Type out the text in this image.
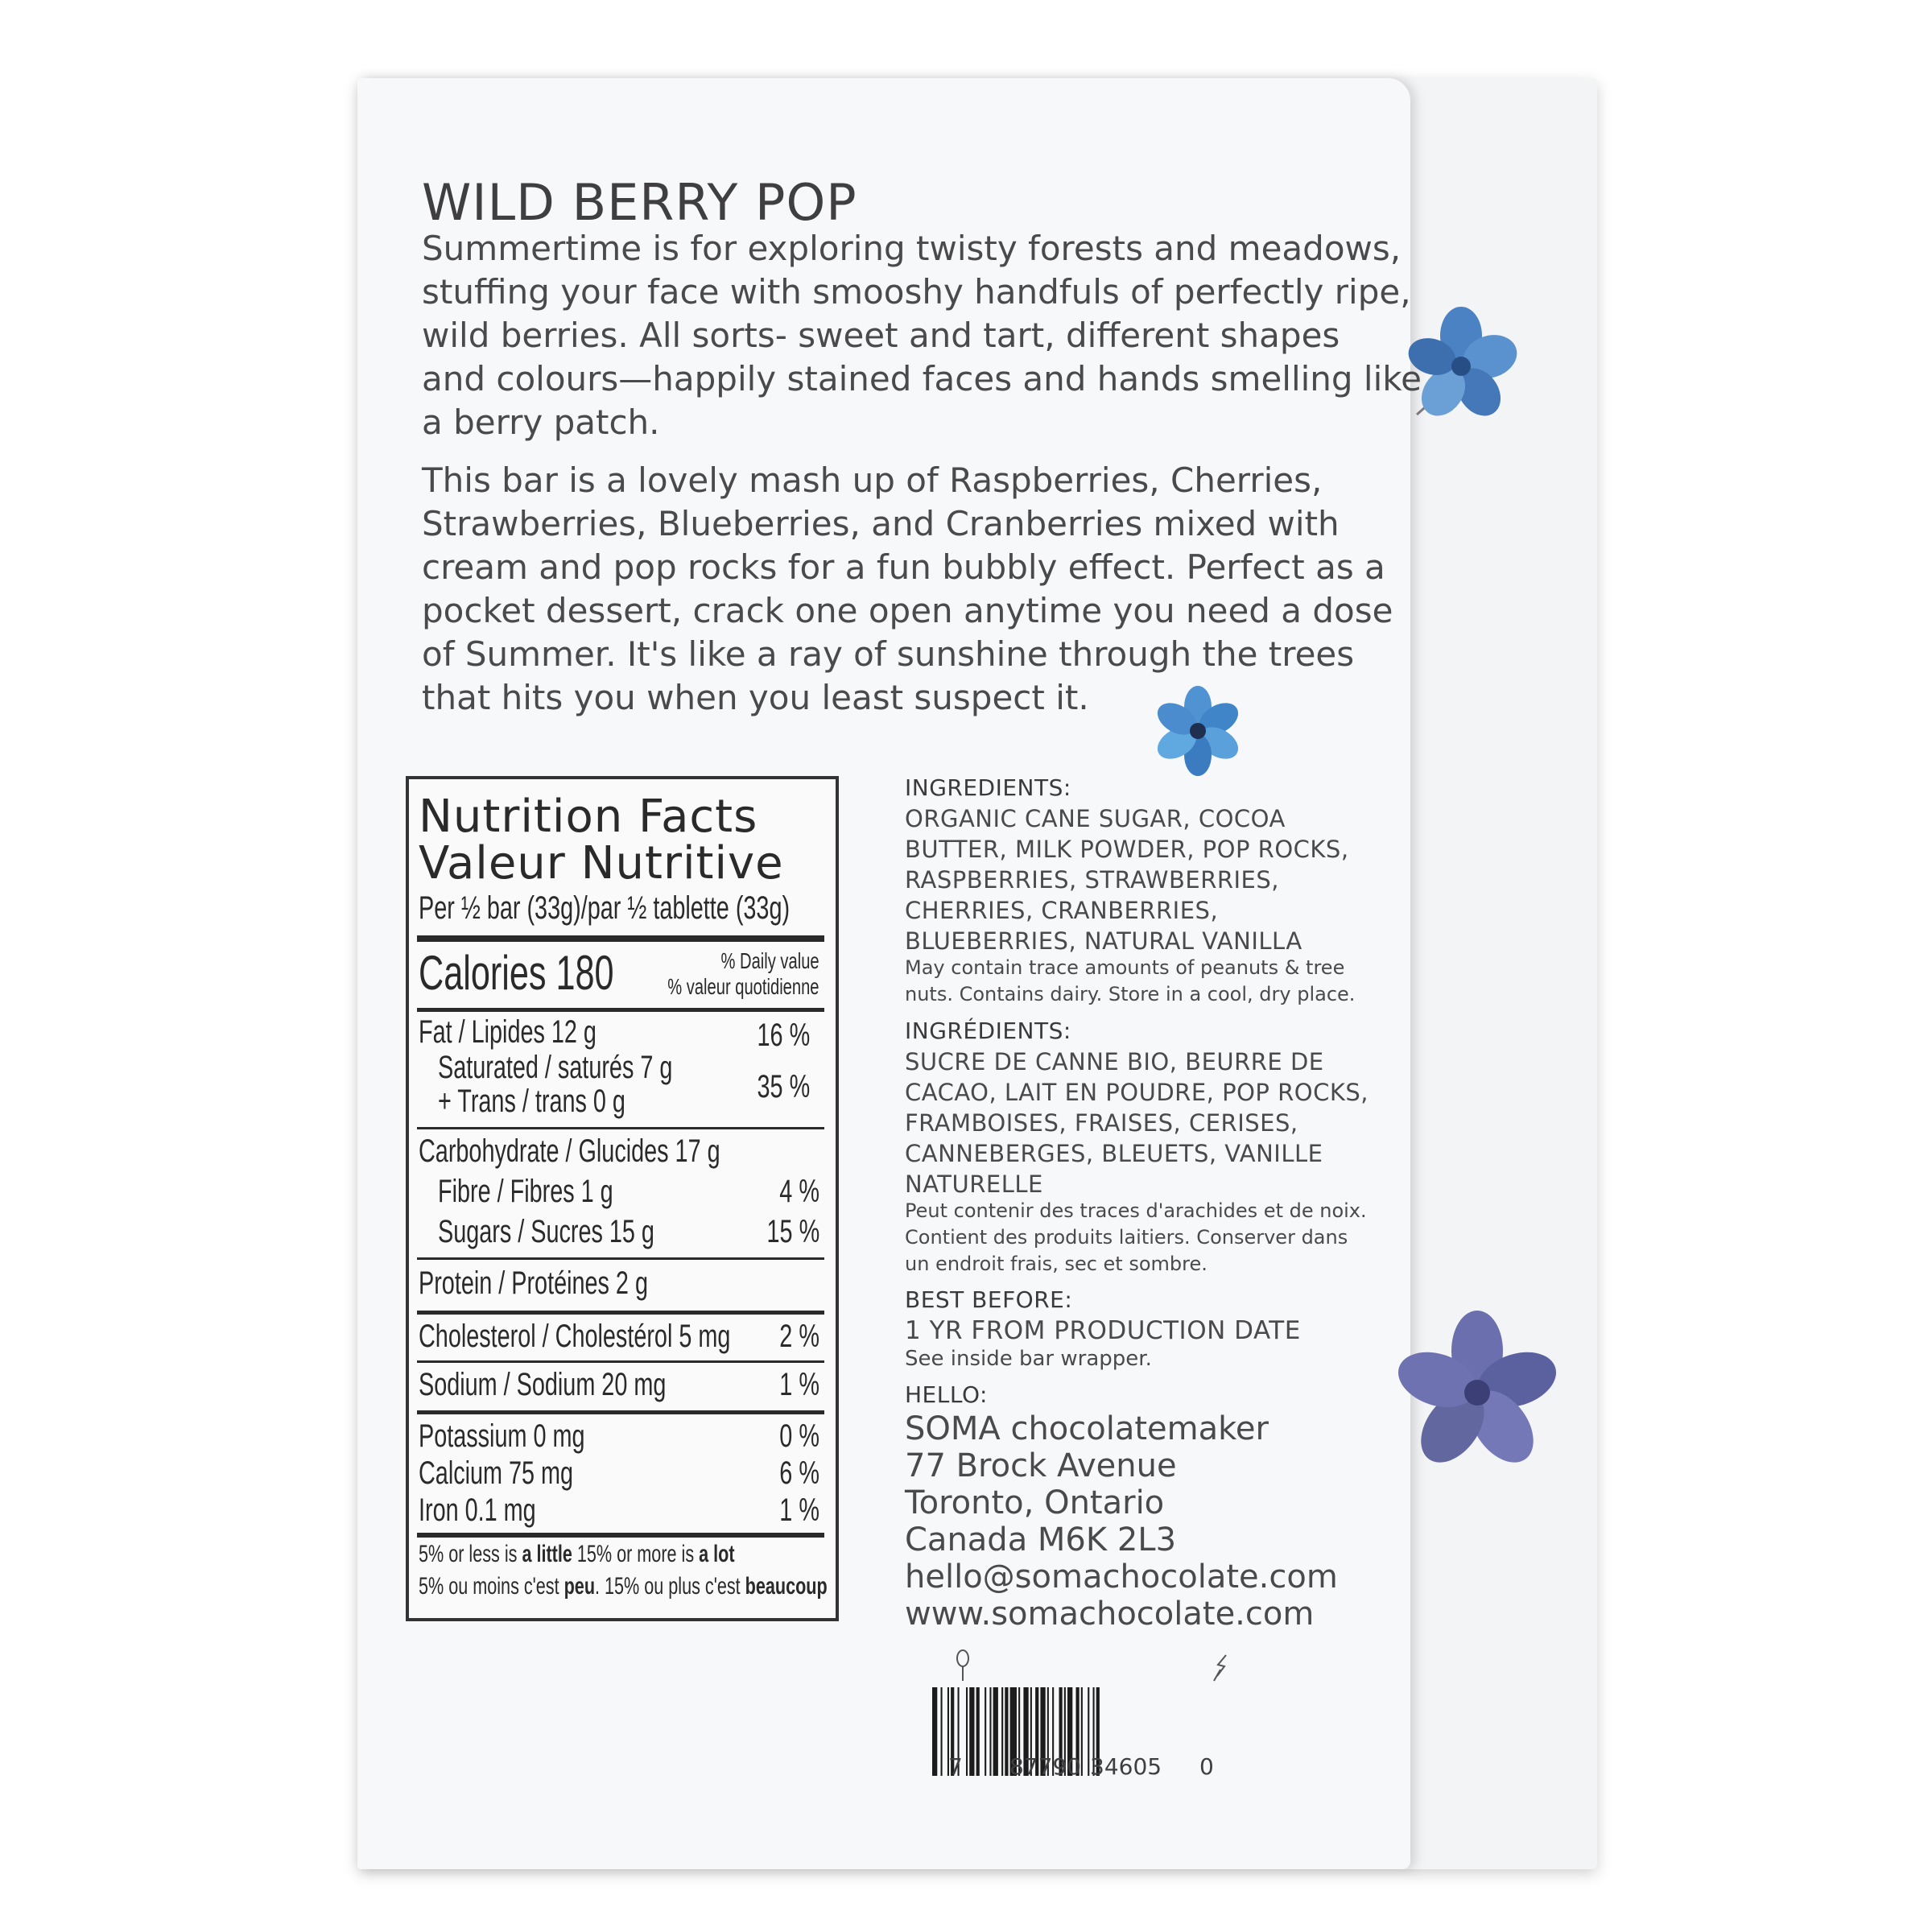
WILD BERRY POP
Summertime is for exploring twisty forests and meadows,
stuffing your face with smooshy handfuls of perfectly ripe,
wild berries. All sorts- sweet and tart, different shapes
and colours—happily stained faces and hands smelling like
a berry patch.
This bar is a lovely mash up of Raspberries, Cherries,
Strawberries, Blueberries, and Cranberries mixed with
cream and pop rocks for a fun bubbly effect. Perfect as a
pocket dessert, crack one open anytime you need a dose
of Summer. It's like a ray of sunshine through the trees
that hits you when you least suspect it.
Nutrition Facts
Valeur Nutritive
Per ½ bar (33g)/par ½ tablette (33g)
Calories 180	% Daily value
% valeur quotidienne
Fat / Lipides 12 g	16 %
Saturated / saturés 7 g
+ Trans / trans 0 g	35 %
Carbohydrate / Glucides 17 g
Fibre / Fibres 1 g	4 %
Sugars / Sucres 15 g	15 %
Protein / Protéines 2 g
Cholesterol / Cholestérol 5 mg 2 %
Sodium / Sodium 20 mg	1 %
Potassium 0 mg	0 %
Calcium 75 mg	6 %
Iron 0.1 mg	1 %
5% or less is a little 15% or more is a lot
5% ou moins c'est peu. 15% ou plus c'est beaucoup
INGREDIENTS:
ORGANIC CANE SUGAR, COCOA
BUTTER, MILK POWDER, POP ROCKS,
RASPBERRIES, STRAWBERRIES,
CHERRIES, CRANBERRIES,
BLUEBERRIES, NATURAL VANILLA
May contain trace amounts of peanuts & tree
nuts. Contains dairy. Store in a cool, dry place.
INGRÉDIENTS:
SUCRE DE CANNE BIO, BEURRE DE
CACAO, LAIT EN POUDRE, POP ROCKS,
FRAMBOISES, FRAISES, CERISES,
CANNEBERGES, BLEUETS, VANILLE
NATURELLE
Peut contenir des traces d'arachides et de noix.
Contient des produits laitiers. Conserver dans
un endroit frais, sec et sombre.
BEST BEFORE:
1 YR FROM PRODUCTION DATE
See inside bar wrapper.
HELLO:
SOMA chocolatemaker
77 Brock Avenue
Toronto, Ontario
Canada M6K 2L3
hello@somachocolate.com
www.somachocolate.com
7 87790 34605 0
